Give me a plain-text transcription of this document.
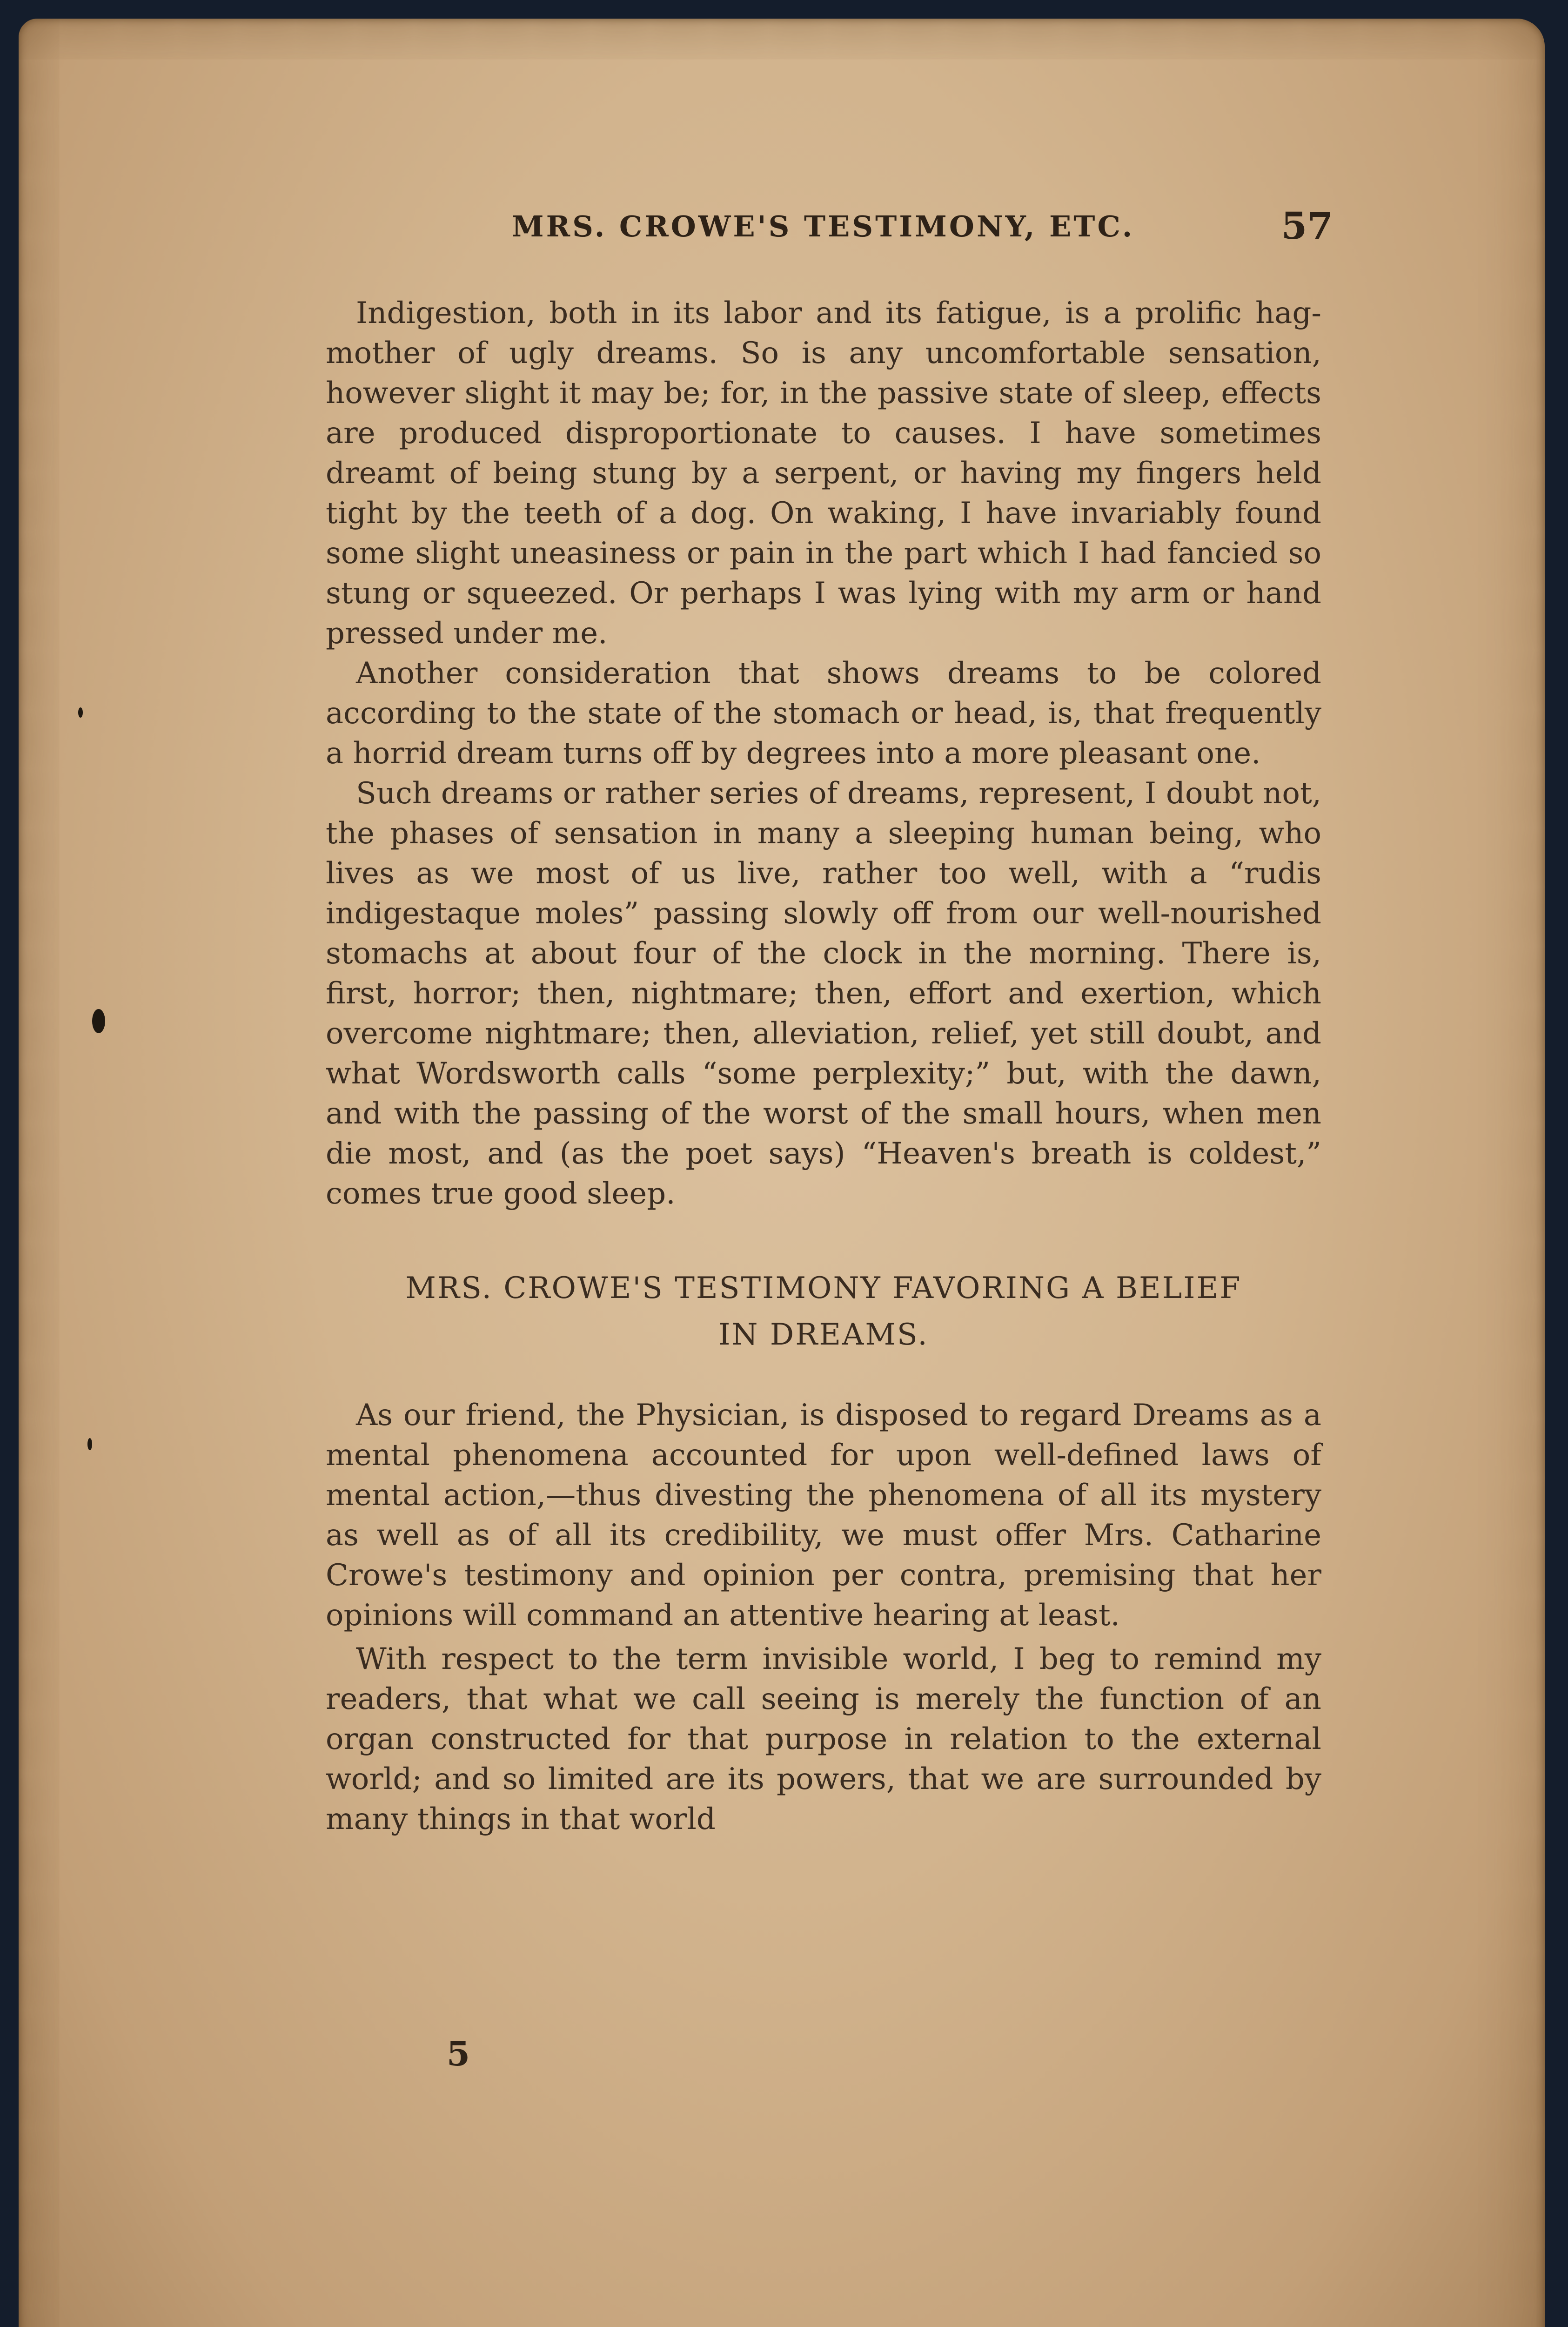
MRS. CROWE'S TESTIMONY, ETC.	57

Indigestion, both in its labor and its fatigue, is a prolific hag-mother of ugly dreams. So is any uncomfortable sensation, however slight it may be; for, in the passive state of sleep, effects are produced disproportionate to causes. I have sometimes dreamt of being stung by a serpent, or having my fingers held tight by the teeth of a dog. On waking, I have invariably found some slight uneasiness or pain in the part which I had fancied so stung or squeezed. Or perhaps I was lying with my arm or hand pressed under me.

Another consideration that shows dreams to be colored according to the state of the stomach or head, is, that frequently a horrid dream turns off by degrees into a more pleasant one.

Such dreams or rather series of dreams, represent, I doubt not, the phases of sensation in many a sleeping human being, who lives as we most of us live, rather too well, with a “rudis indigestaque moles” passing slowly off from our well-nourished stomachs at about four of the clock in the morning. There is, first, horror; then, nightmare; then, effort and exertion, which overcome nightmare; then, alleviation, relief, yet still doubt, and what Wordsworth calls “some perplexity;” but, with the dawn, and with the passing of the worst of the small hours, when men die most, and (as the poet says) “Heaven's breath is coldest,” comes true good sleep.

MRS. CROWE'S TESTIMONY FAVORING A BELIEF
IN DREAMS.

As our friend, the Physician, is disposed to regard Dreams as a mental phenomena accounted for upon well-defined laws of mental action,—thus divesting the phenomena of all its mystery as well as of all its credibility, we must offer Mrs. Catharine Crowe's testimony and opinion per contra, premising that her opinions will command an attentive hearing at least.

With respect to the term invisible world, I beg to remind my readers, that what we call seeing is merely the function of an organ constructed for that purpose in relation to the external world; and so limited are its powers, that we are surrounded by many things in that world

5
